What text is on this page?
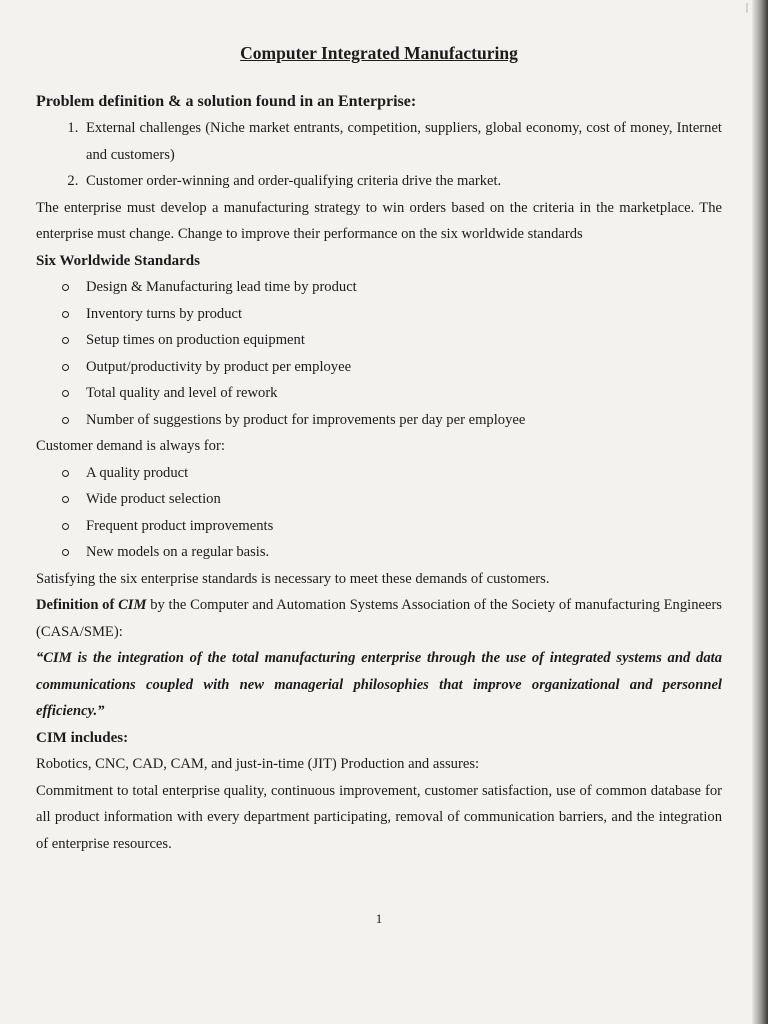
|
Computer Integrated Manufacturing

Problem definition & a solution found in an Enterprise:

1. External challenges (Niche market entrants, competition, suppliers, global economy, cost of money, Internet and customers)
2. Customer order-winning and order-qualifying criteria drive the market.

The enterprise must develop a manufacturing strategy to win orders based on the criteria in the marketplace. The enterprise must change. Change to improve their performance on the six worldwide standards

Six Worldwide Standards

Design & Manufacturing lead time by product
Inventory turns by product
Setup times on production equipment
Output/productivity by product per employee
Total quality and level of rework
Number of suggestions by product for improvements per day per employee

Customer demand is always for:

A quality product
Wide product selection
Frequent product improvements
New models on a regular basis.

Satisfying the six enterprise standards is necessary to meet these demands of customers.

Definition of CIM by the Computer and Automation Systems Association of the Society of manufacturing Engineers (CASA/SME):

“CIM is the integration of the total manufacturing enterprise through the use of integrated systems and data communications coupled with new managerial philosophies that improve organizational and personnel efficiency.”

CIM includes:

Robotics, CNC, CAD, CAM, and just-in-time (JIT) Production and assures:

Commitment to total enterprise quality, continuous improvement, customer satisfaction, use of common database for all product information with every department participating, removal of communication barriers, and the integration of enterprise resources.

1
